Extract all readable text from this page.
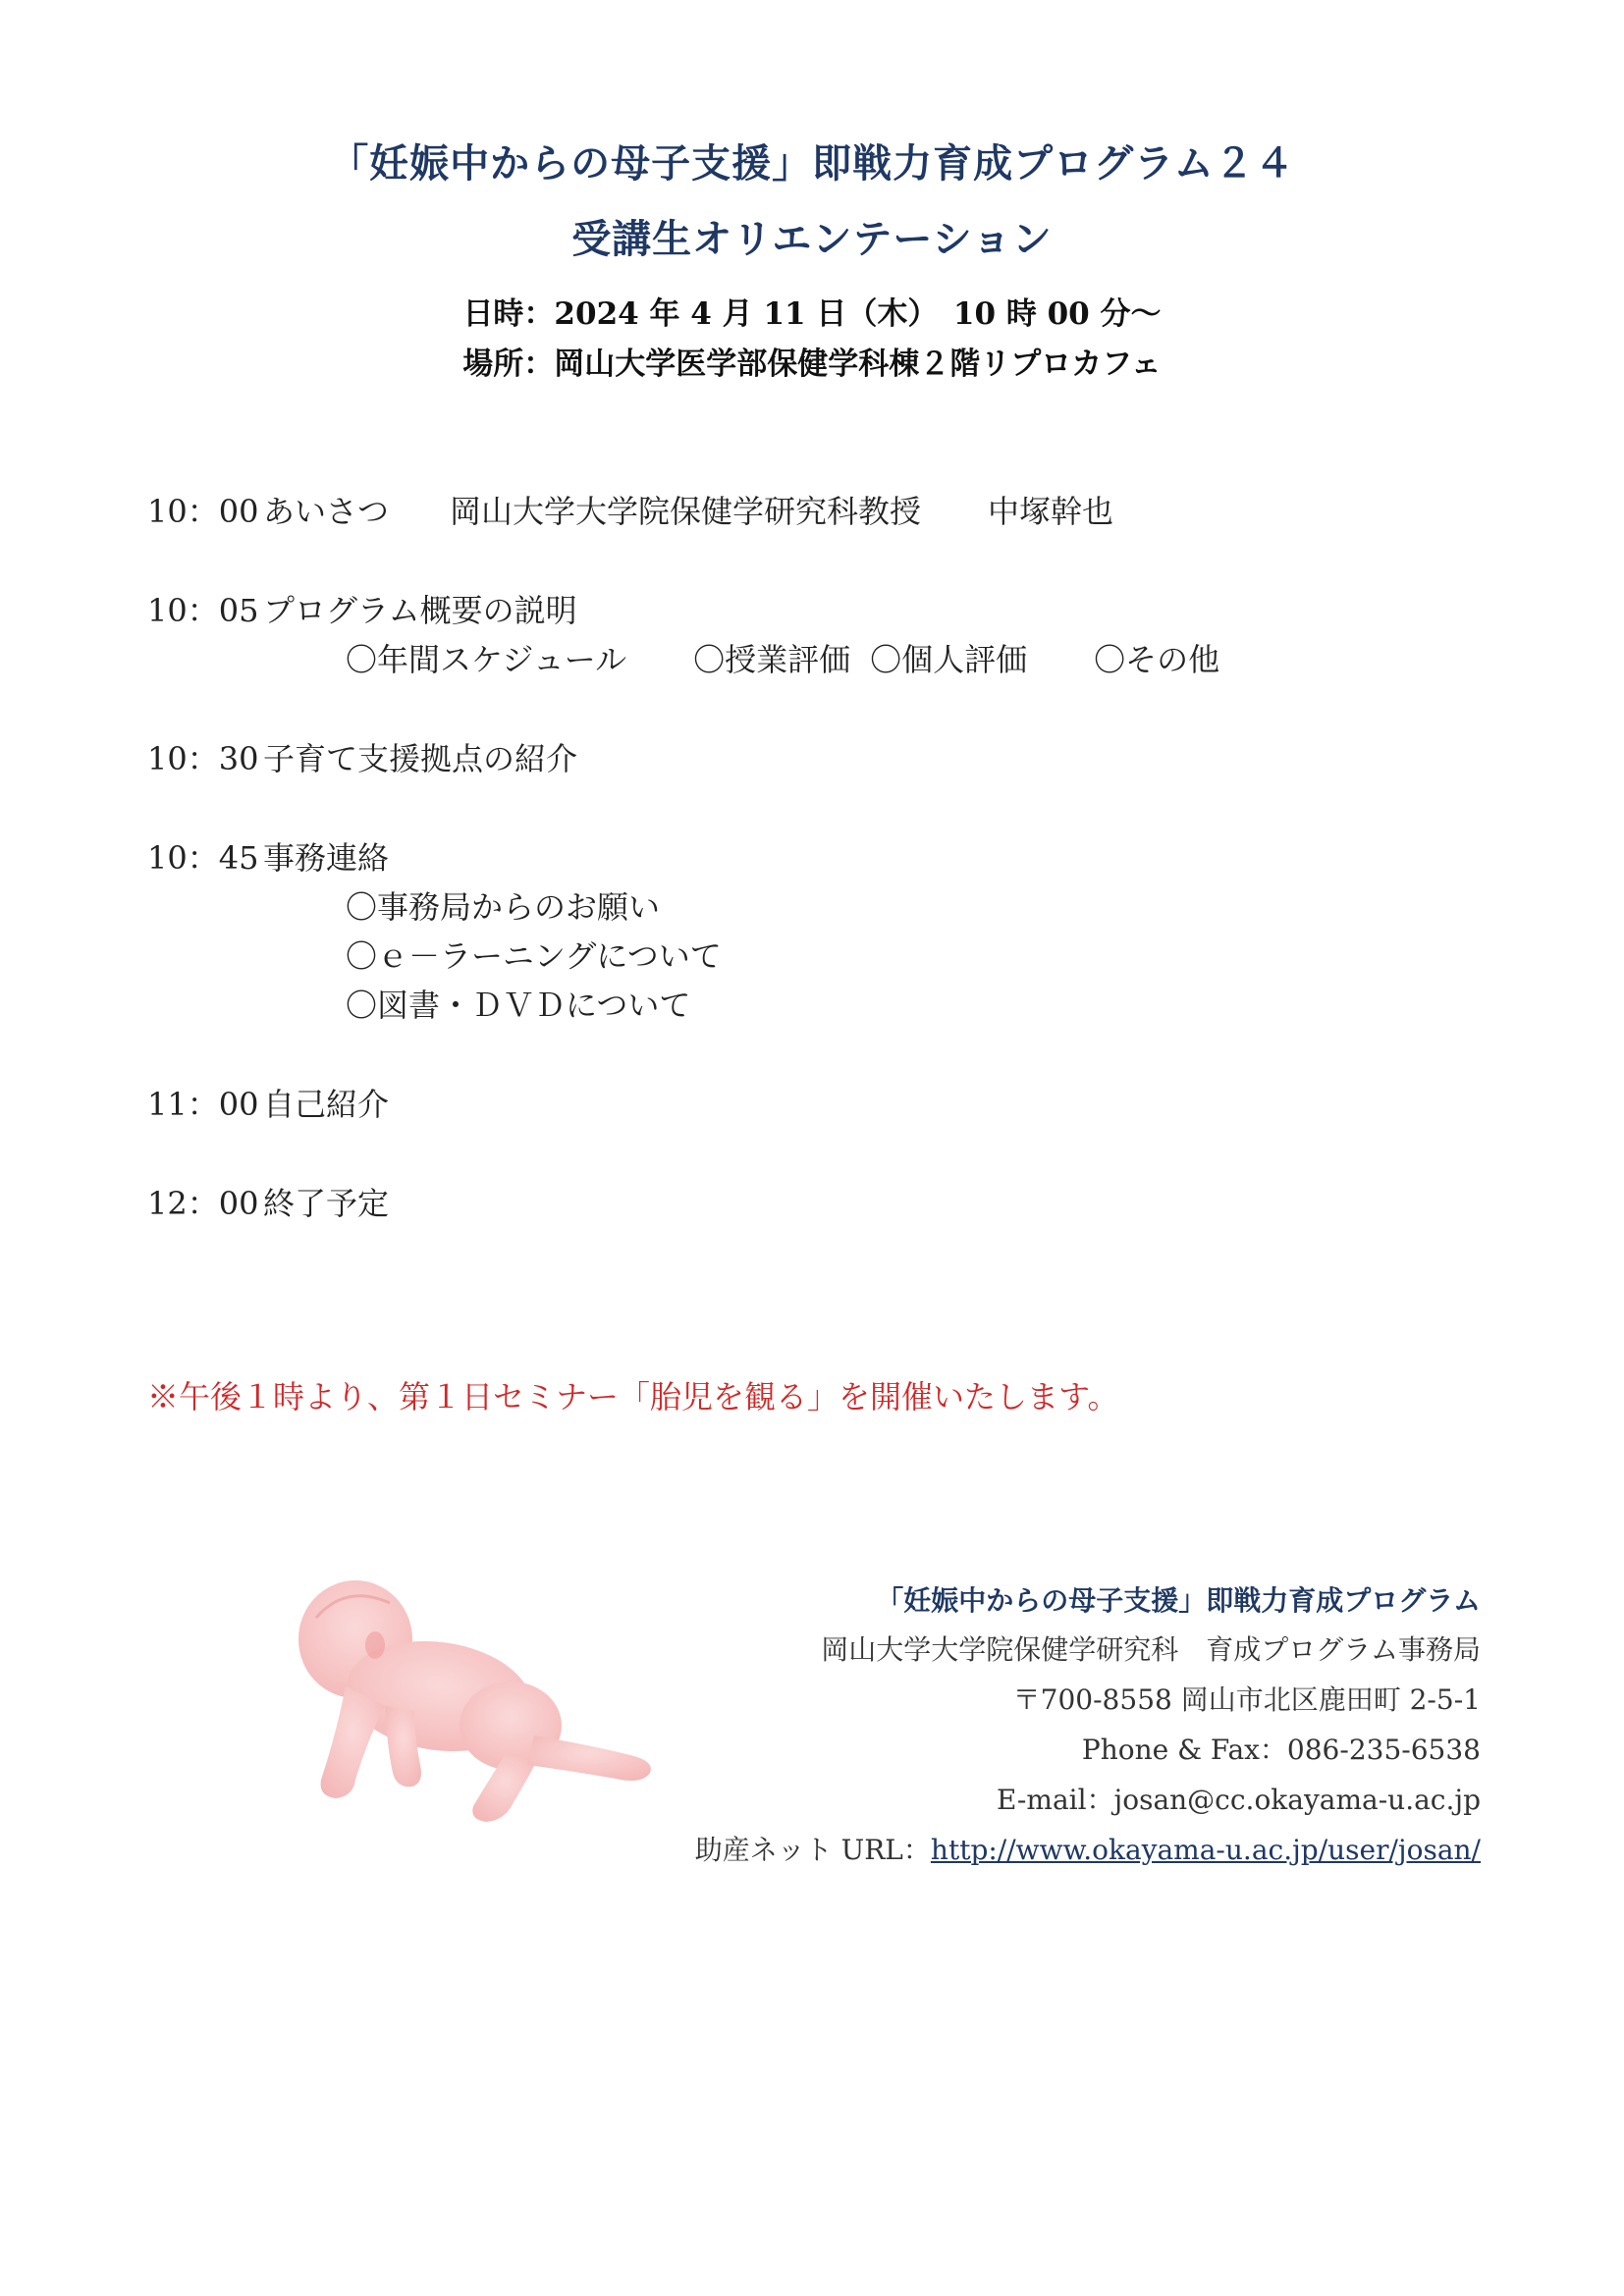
「妊娠中からの母子支援」即戦力育成プログラム２４
受講生オリエンテーション
日時：2024 年 4 月 11 日（木）　10 時 00 分～
場所：岡山大学医学部保健学科棟２階リプロカフェ
10：00 あいさつ 岡山大学大学院保健学研究科教授 中塚幹也
10：05 プログラム概要の説明
〇年間スケジュール 〇授業評価 〇個人評価 〇その他
10：30 子育て支援拠点の紹介
10：45 事務連絡
〇事務局からのお願い
〇ｅ－ラーニングについて
〇図書・ＤＶＤについて
11：00 自己紹介
12：00 終了予定
※午後１時より、第１日セミナー「胎児を観る」を開催いたします。
「妊娠中からの母子支援」即戦力育成プログラム
岡山大学大学院保健学研究科　育成プログラム事務局
〒700-8558 岡山市北区鹿田町 2-5-1
Phone & Fax：086-235-6538
E-mail：josan@cc.okayama-u.ac.jp
助産ネット URL：http://www.okayama-u.ac.jp/user/josan/
